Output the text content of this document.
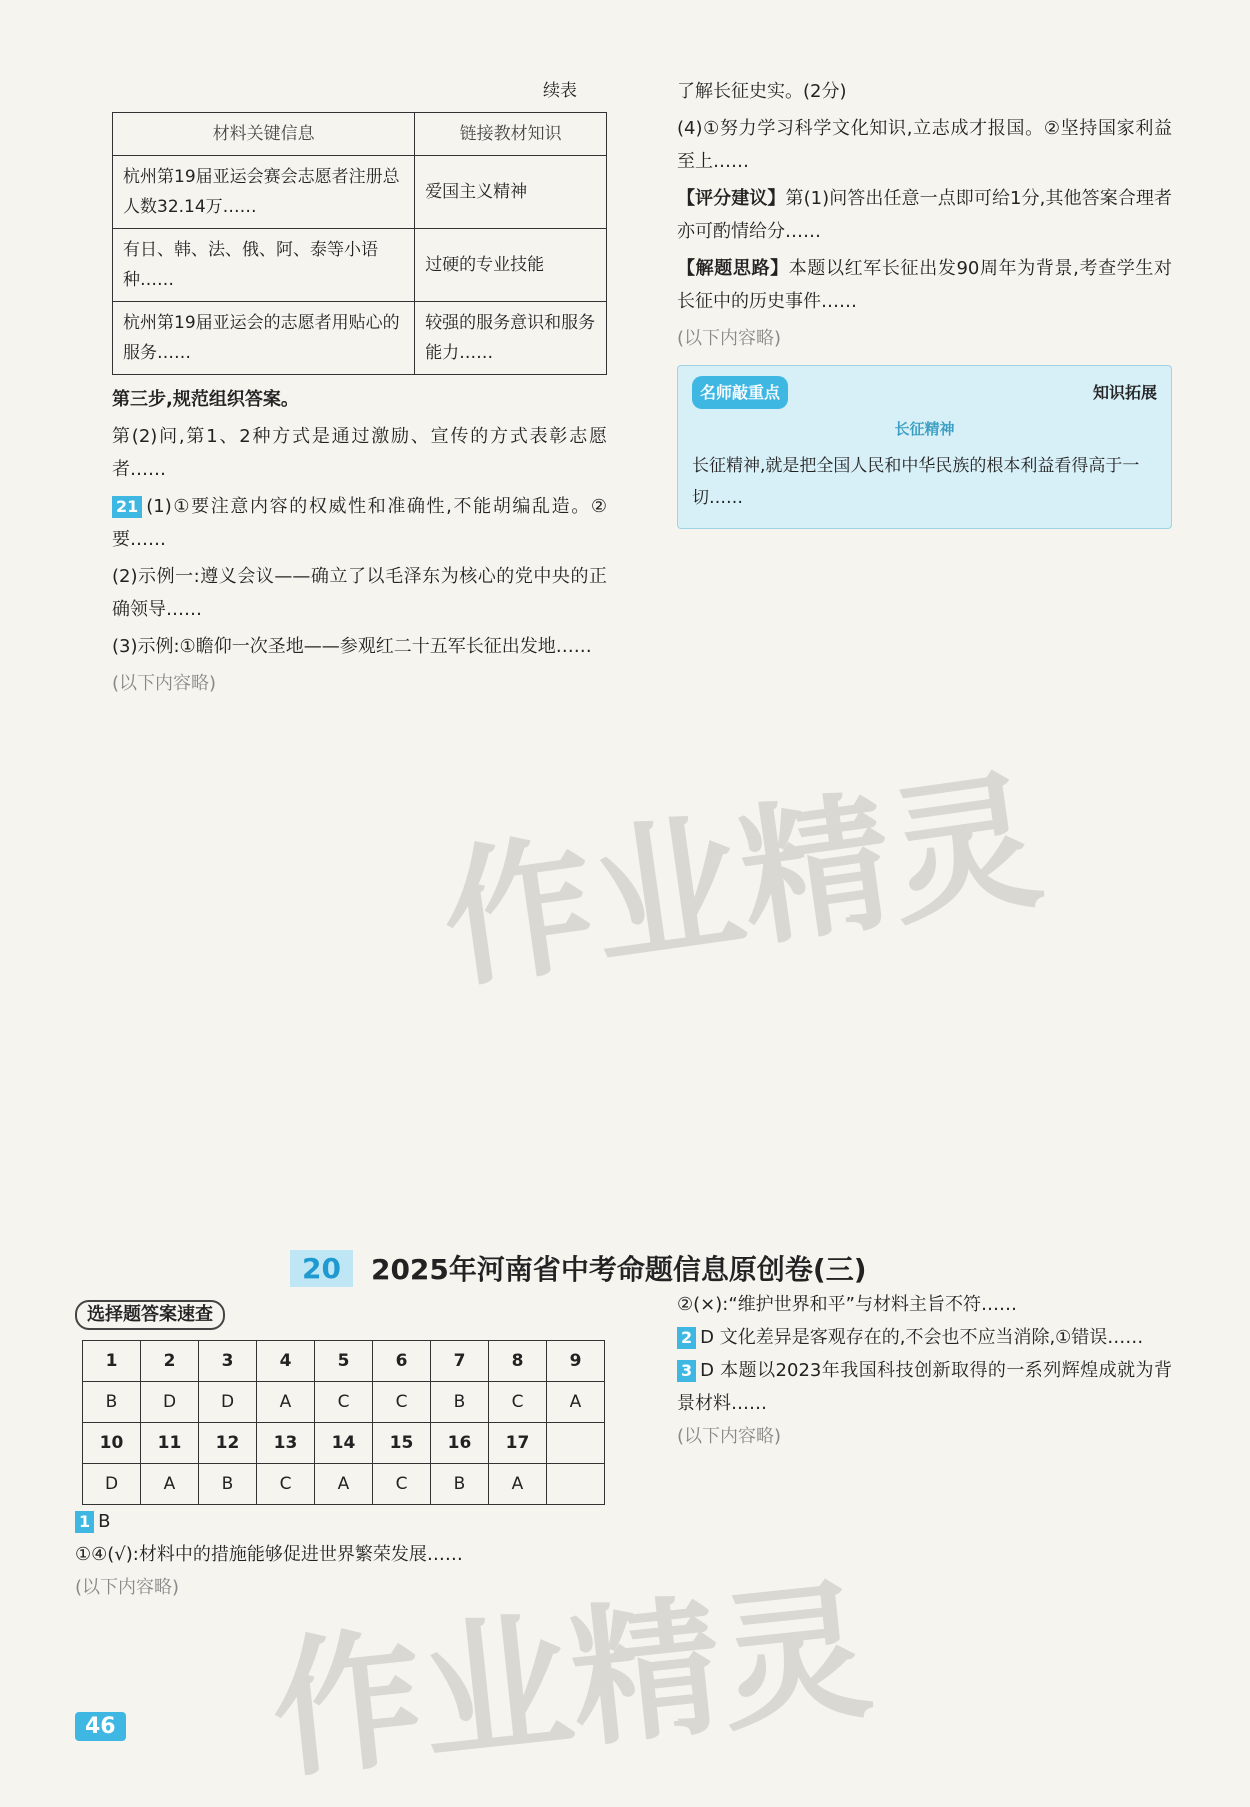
续表
材料关键信息	链接教材知识
杭州第19届亚运会赛会志愿者注册总人数32.14万……	爱国主义精神
有日、韩、法、俄、阿、泰等小语种……	过硬的专业技能
杭州第19届亚运会的志愿者用贴心的服务……	较强的服务意识和服务能力……

第三步,规范组织答案。

第(2)问,第1、2种方式是通过激励、宣传的方式表彰志愿者……

21 (1)①要注意内容的权威性和准确性,不能胡编乱造。②要……

(2)示例一:遵义会议——确立了以毛泽东为核心的党中央的正确领导……

(3)示例:①瞻仰一次圣地——参观红二十五军长征出发地……

(以下内容略)

了解长征史实。(2分)

(4)①努力学习科学文化知识,立志成才报国。②坚持国家利益至上……

【评分建议】第(1)问答出任意一点即可给1分,其他答案合理者亦可酌情给分……

【解题思路】本题以红军长征出发90周年为背景,考查学生对长征中的历史事件……

(以下内容略)

名师敲重点	知识拓展
长征精神
长征精神,就是把全国人民和中华民族的根本利益看得高于一切……
20	2025年河南省中考命题信息原创卷(三)
选择题答案速查
1	2	3	4	5	6	7	8	9
B	D	D	A	C	C	B	C	A
10	11	12	13	14	15	16	17	
D	A	B	C	A	C	B	A	

1 B

①④(√):材料中的措施能够促进世界繁荣发展……

(以下内容略)

②(×):“维护世界和平”与材料主旨不符……

2 D 文化差异是客观存在的,不会也不应当消除,①错误……

3 D 本题以2023年我国科技创新取得的一系列辉煌成就为背景材料……

(以下内容略)

46
作业精灵
作业精灵
